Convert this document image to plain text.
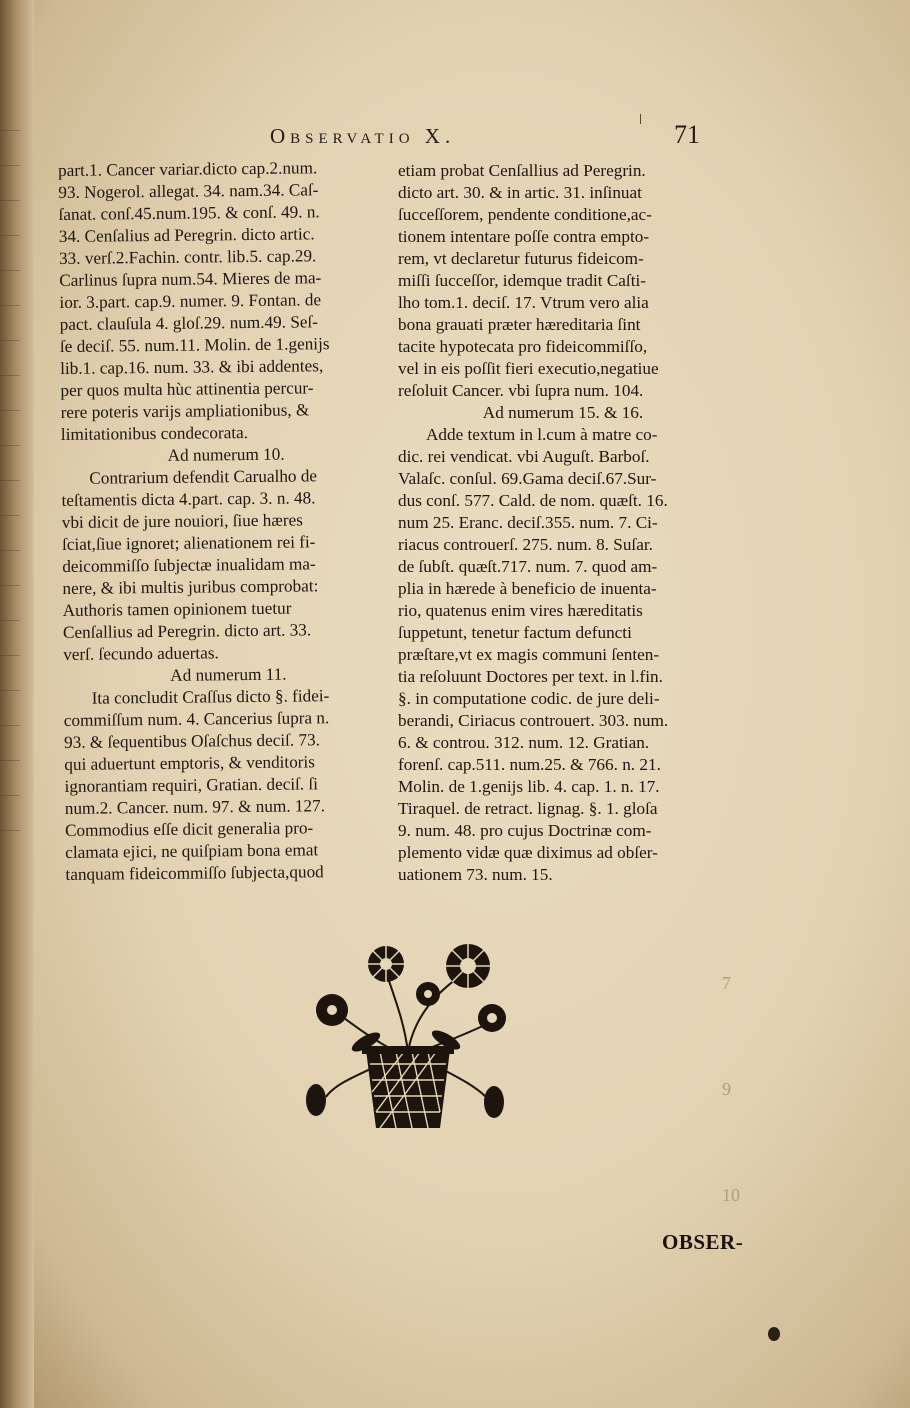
7
9
10
Observatio X.	71
part.1. Cancer variar.dicto cap.2.num.
93. Nogerol. allegat. 34. nam.34. Caſ-
ſanat. conſ.45.num.195. & conſ. 49. n.
34. Cenſalius ad Peregrin. dicto artic.
33. verſ.2.Fachin. contr. lib.5. cap.29.
Carlinus ſupra num.54. Mieres de ma-
ior. 3.part. cap.9. numer. 9. Fontan. de
pact. clauſula 4. gloſ.29. num.49. Seſ-
ſe deciſ. 55. num.11. Molin. de 1.genijs
lib.1. cap.16. num. 33. & ibi addentes,
per quos multa hùc attinentia percur-
rere poteris varijs ampliationibus, &
limitationibus condecorata.
Ad numerum 10.
Contrarium defendit Carualho de
teſtamentis dicta 4.part. cap. 3. n. 48.
vbi dicit de jure nouiori, ſiue hæres
ſciat,ſiue ignoret; alienationem rei fi-
deicommiſſo ſubjectæ inualidam ma-
nere, & ibi multis juribus comprobat:
Authoris tamen opinionem tuetur
Cenſallius ad Peregrin. dicto art. 33.
verſ. ſecundo aduertas.
Ad numerum 11.
Ita concludit Craſſus dicto §. fidei-
commiſſum num. 4. Cancerius ſupra n.
93. & ſequentibus Oſaſchus deciſ. 73.
qui aduertunt emptoris, & venditoris
ignorantiam requiri, Gratian. deciſ. ſi
num.2. Cancer. num. 97. & num. 127.
Commodius eſſe dicit generalia pro-
clamata ejici, ne quiſpiam bona emat
tanquam fideicommiſſo ſubjecta,quod
etiam probat Cenſallius ad Peregrin.
dicto art. 30. & in artic. 31. inſinuat
ſucceſſorem, pendente conditione,ac-
tionem intentare poſſe contra empto-
rem, vt declaretur futurus fideicom-
miſſi ſucceſſor, idemque tradit Caſti-
lho tom.1. deciſ. 17. Vtrum vero alia
bona grauati præter hæreditaria ſint
tacite hypotecata pro fideicommiſſo,
vel in eis poſſit fieri executio,negatiue
reſoluit Cancer. vbi ſupra num. 104.
Ad numerum 15. & 16.
Adde textum in l.cum à matre co-
dic. rei vendicat. vbi Auguſt. Barboſ.
Valaſc. conſul. 69.Gama deciſ.67.Sur-
dus conſ. 577. Cald. de nom. quæſt. 16.
num 25. Eranc. deciſ.355. num. 7. Ci-
riacus controuerſ. 275. num. 8. Suſar.
de ſubſt. quæſt.717. num. 7. quod am-
plia in hærede à beneficio de inuenta-
rio, quatenus enim vires hæreditatis
ſuppetunt, tenetur factum defuncti
præſtare,vt ex magis communi ſenten-
tia reſoluunt Doctores per text. in l.fin.
§. in computatione codic. de jure deli-
berandi, Ciriacus controuert. 303. num.
6. & controu. 312. num. 12. Gratian.
forenſ. cap.511. num.25. & 766. n. 21.
Molin. de 1.genijs lib. 4. cap. 1. n. 17.
Tiraquel. de retract. lignag. §. 1. gloſa
9. num. 48. pro cujus Doctrinæ com-
plemento vidæ quæ diximus ad obſer-
uationem 73. num. 15.
OBSER-
